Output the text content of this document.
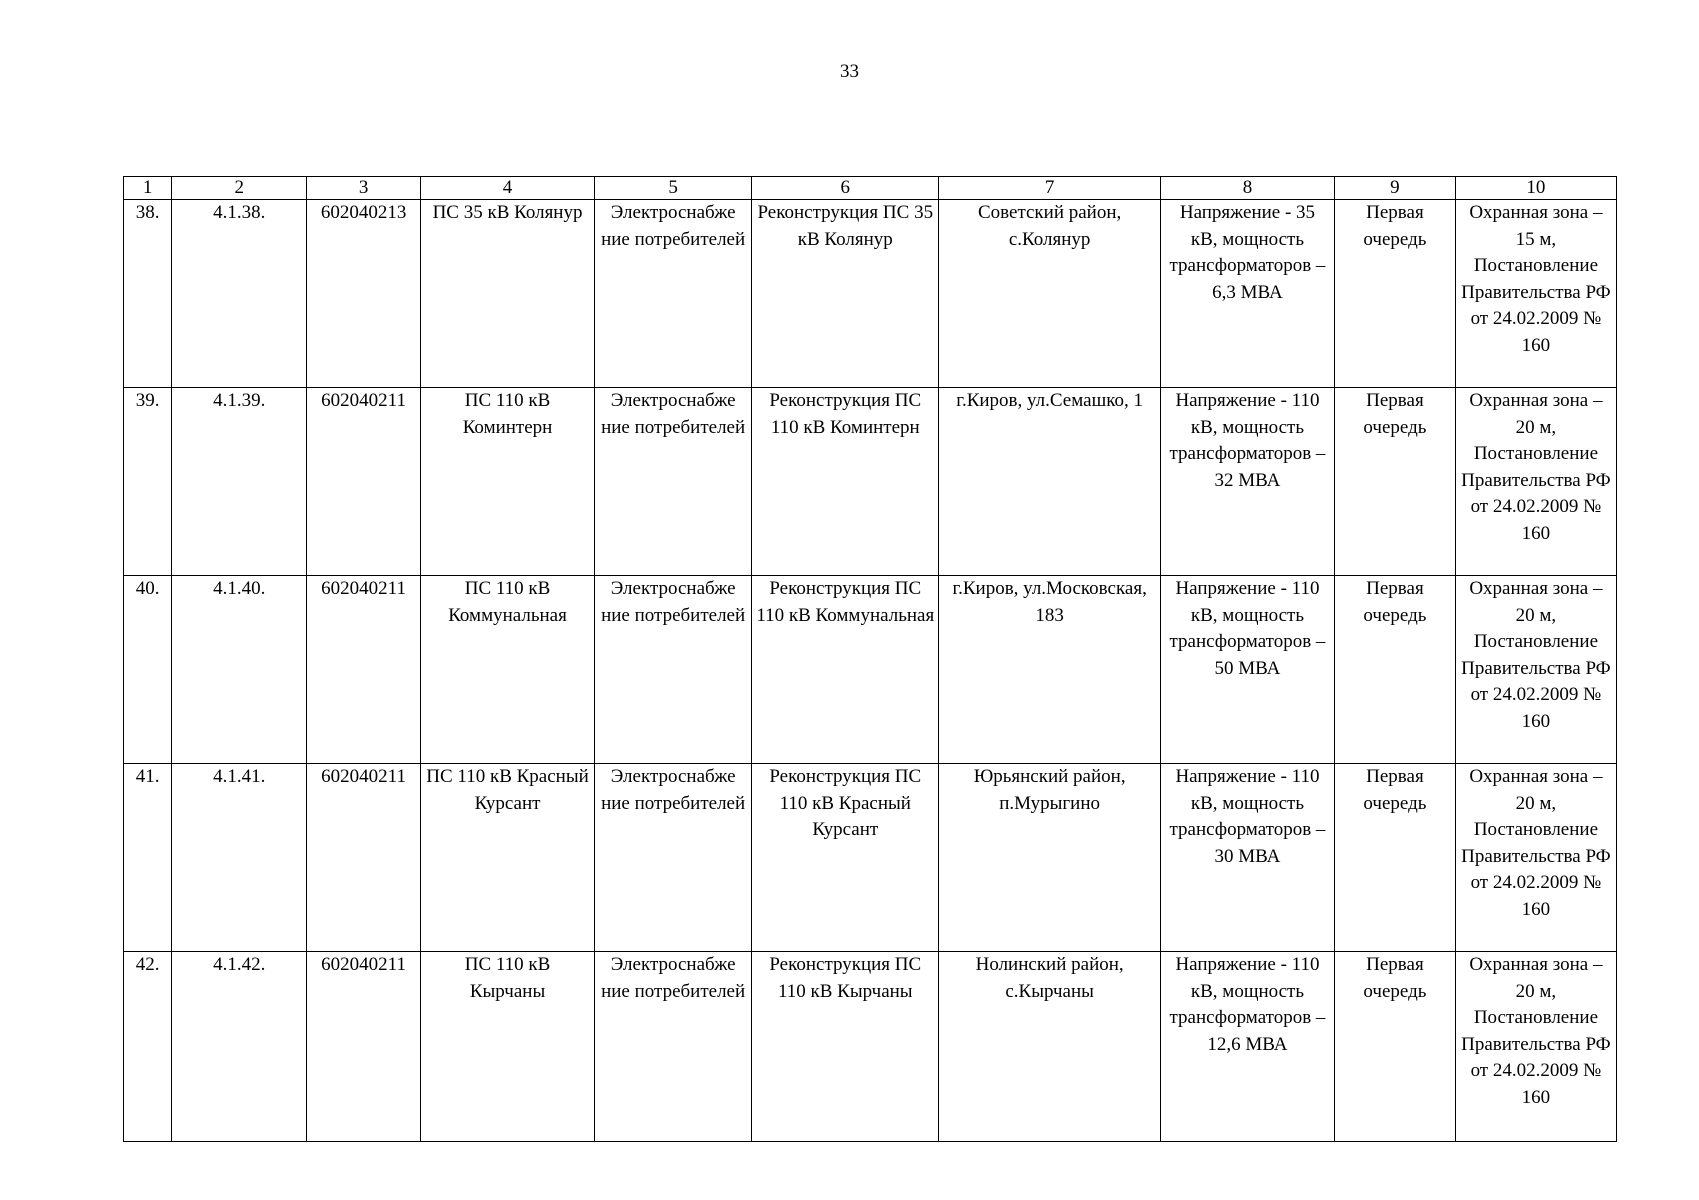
33
1	2	3	4	5	6	7	8	9	10
38.	4.1.38.	602040213	ПС 35 кВ Колянур	Электроснабже ние потребителей	Реконструкция ПС 35 кВ Колянур	Советский район, с.Колянур	Напряжение - 35 кВ, мощность трансформаторов – 6,3 МВА	Первая очередь	Охранная зона – 15 м, Постановление Правительства РФ от 24.02.2009 № 160
39.	4.1.39.	602040211	ПС 110 кВ Коминтерн	Электроснабже ние потребителей	Реконструкция ПС 110 кВ Коминтерн	г.Киров, ул.Семашко, 1	Напряжение - 110 кВ, мощность трансформаторов – 32 МВА	Первая очередь	Охранная зона – 20 м, Постановление Правительства РФ от 24.02.2009 № 160
40.	4.1.40.	602040211	ПС 110 кВ Коммунальная	Электроснабже ние потребителей	Реконструкция ПС 110 кВ Коммунальная	г.Киров, ул.Московская, 183	Напряжение - 110 кВ, мощность трансформаторов – 50 МВА	Первая очередь	Охранная зона – 20 м, Постановление Правительства РФ от 24.02.2009 № 160
41.	4.1.41.	602040211	ПС 110 кВ Красный Курсант	Электроснабже ние потребителей	Реконструкция ПС 110 кВ Красный Курсант	Юрьянский район, п.Мурыгино	Напряжение - 110 кВ, мощность трансформаторов – 30 МВА	Первая очередь	Охранная зона – 20 м, Постановление Правительства РФ от 24.02.2009 № 160
42.	4.1.42.	602040211	ПС 110 кВ Кырчаны	Электроснабже ние потребителей	Реконструкция ПС 110 кВ Кырчаны	Нолинский район, с.Кырчаны	Напряжение - 110 кВ, мощность трансформаторов – 12,6 МВА	Первая очередь	Охранная зона – 20 м, Постановление Правительства РФ от 24.02.2009 № 160
